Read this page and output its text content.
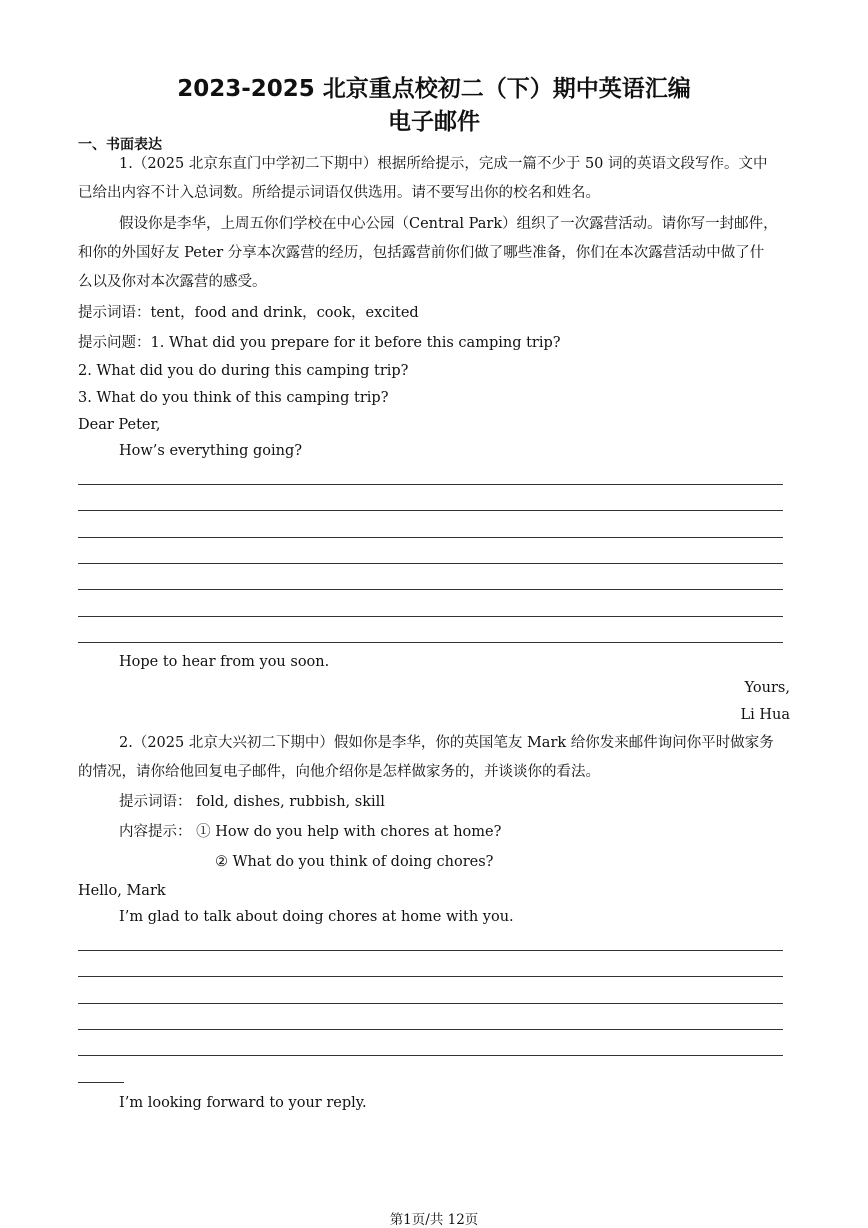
2023-2025 北京重点校初二（下）期中英语汇编
电子邮件
一、书面表达
1.（2025 北京东直门中学初二下期中）根据所给提示，完成一篇不少于 50 词的英语文段写作。文中
已给出内容不计入总词数。所给提示词语仅供选用。请不要写出你的校名和姓名。
假设你是李华，上周五你们学校在中心公园（Central Park）组织了一次露营活动。请你写一封邮件，
和你的外国好友 Peter 分享本次露营的经历，包括露营前你们做了哪些准备，你们在本次露营活动中做了什
么以及你对本次露营的感受。
提示词语：tent，food and drink，cook，excited
提示问题：1. What did you prepare for it before this camping trip?
2. What did you do during this camping trip?
3. What do you think of this camping trip?
Dear Peter,
How’s everything going?
Hope to hear from you soon.
Yours,
Li Hua
2.（2025 北京大兴初二下期中）假如你是李华，你的英国笔友 Mark 给你发来邮件询问你平时做家务
的情况，请你给他回复电子邮件，向他介绍你是怎样做家务的，并谈谈你的看法。
提示词语： fold, dishes, rubbish, skill
内容提示： ① How do you help with chores at home?
② What do you think of doing chores?
Hello, Mark
I’m glad to talk about doing chores at home with you.
I’m looking forward to your reply.
第1页/共 12页
